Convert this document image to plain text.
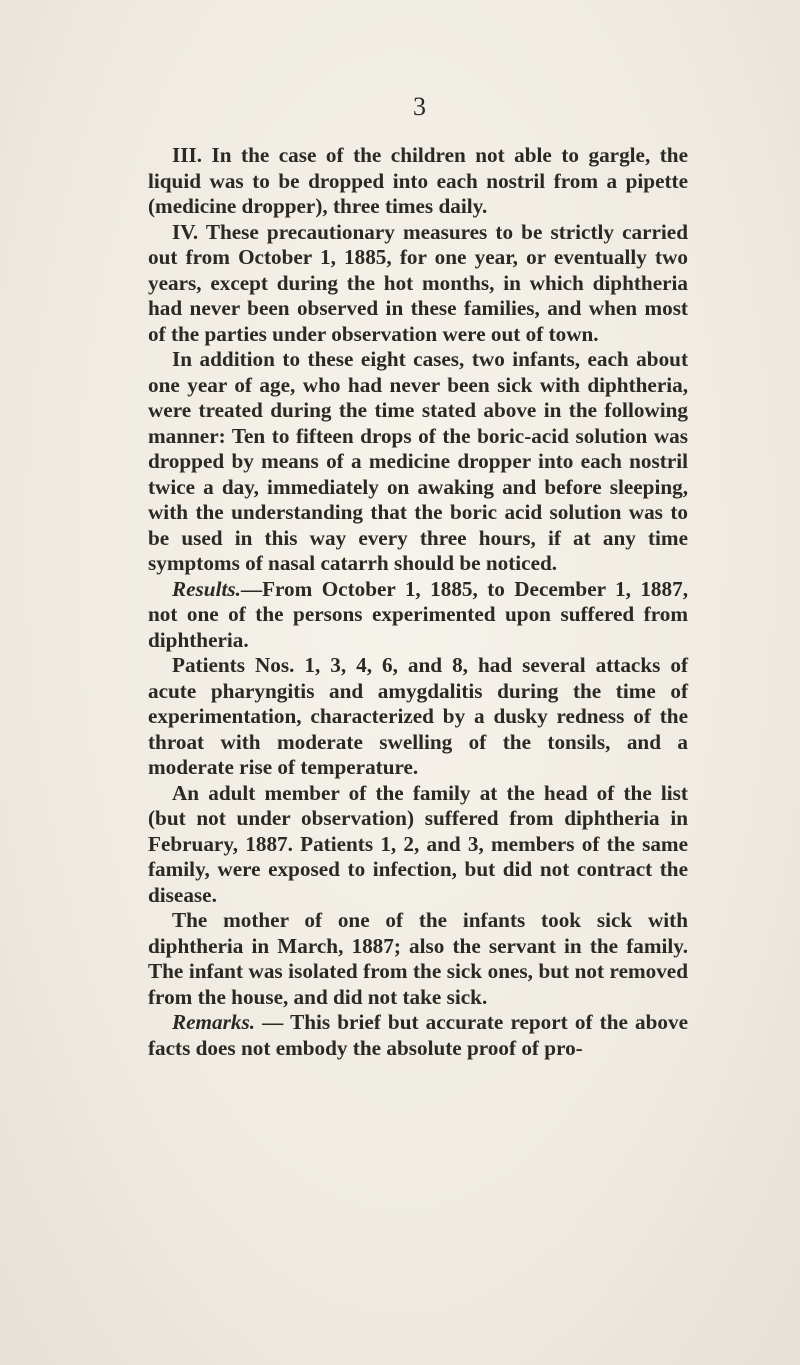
3

III. In the case of the children not able to gargle, the liquid was to be dropped into each nostril from a pipette (medicine dropper), three times daily.

IV. These precautionary measures to be strictly carried out from October 1, 1885, for one year, or eventually two years, except during the hot months, in which diphtheria had never been observed in these families, and when most of the parties under observation were out of town.

In addition to these eight cases, two infants, each about one year of age, who had never been sick with diphtheria, were treated during the time stated above in the following manner: Ten to fifteen drops of the boric-acid solution was dropped by means of a medicine dropper into each nostril twice a day, immediately on awaking and before sleeping, with the understanding that the boric acid solution was to be used in this way every three hours, if at any time symptoms of nasal catarrh should be noticed.

Results.—From October 1, 1885, to December 1, 1887, not one of the persons experimented upon suffered from diphtheria.

Patients Nos. 1, 3, 4, 6, and 8, had several attacks of acute pharyngitis and amygdalitis during the time of experimentation, characterized by a dusky redness of the throat with moderate swelling of the tonsils, and a moderate rise of temperature.

An adult member of the family at the head of the list (but not under observation) suffered from diphtheria in February, 1887. Patients 1, 2, and 3, members of the same family, were exposed to infection, but did not contract the disease.

The mother of one of the infants took sick with diphtheria in March, 1887; also the servant in the family. The infant was isolated from the sick ones, but not removed from the house, and did not take sick.

Remarks. — This brief but accurate report of the above facts does not embody the absolute proof of pro-
